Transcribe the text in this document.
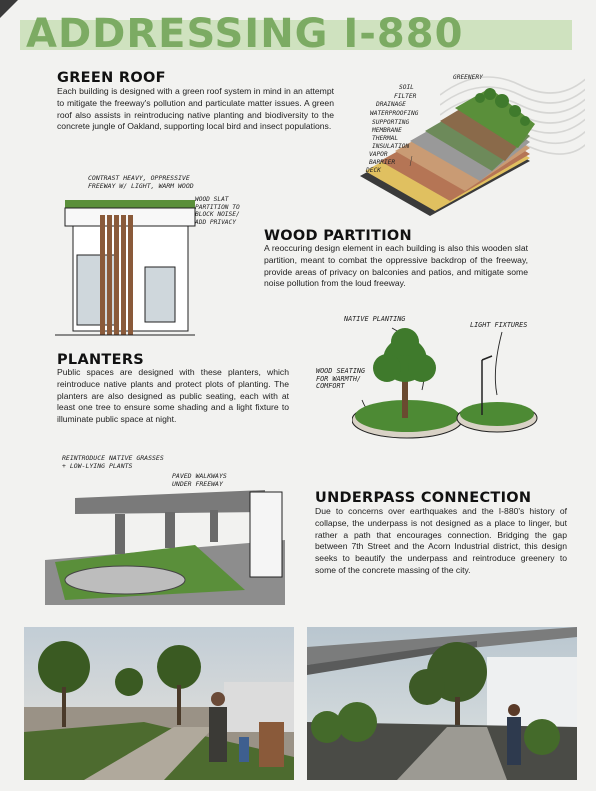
ADDRESSING I-880
GREEN ROOF
Each building is designed with a green roof system in mind in an attempt to mitigate the freeway's pollution and particulate matter issues. A green roof also assists in reintroducing native planting and biodiversity to the concrete jungle of Oakland, supporting local bird and insect populations.
GREENERY
SOIL
FILTER
DRAINAGE
WATERPROOFING
SUPPORTING MEMBRANE
THERMAL INSULATION
VAPOR BARRIER
DECK
CONTRAST HEAVY, OPPRESSIVE FREEWAY W/ LIGHT, WARM WOOD
WOOD SLAT PARTITION TO BLOCK NOISE/ ADD PRIVACY
WOOD PARTITION
A reoccuring design element in each building is also this wooden slat partition, meant to combat the oppressive backdrop of the freeway, provide areas of privacy on balconies and patios, and mitigate some noise pollution from the loud freeway.
NATIVE PLANTING
LIGHT FIXTURES
WOOD SEATING FOR WARMTH/ COMFORT
PLANTERS
Public spaces are designed with these planters, which reintroduce native plants and protect plots of planting. The planters are also designed as public seating, each with at least one tree to ensure some shading and a light fixture to illuminate public space at night.
REINTRODUCE NATIVE GRASSES + LOW-LYING PLANTS
PAVED WALKWAYS UNDER FREEWAY
UNDERPASS CONNECTION
Due to concerns over earthquakes and the I-880's history of collapse, the underpass is not designed as a place to linger, but rather a path that encourages connection. Bridging the gap between 7th Street and the Acorn Industrial district, this design seeks to beautify the underpass and reintroduce greenery to some of the concrete massing of the city.
